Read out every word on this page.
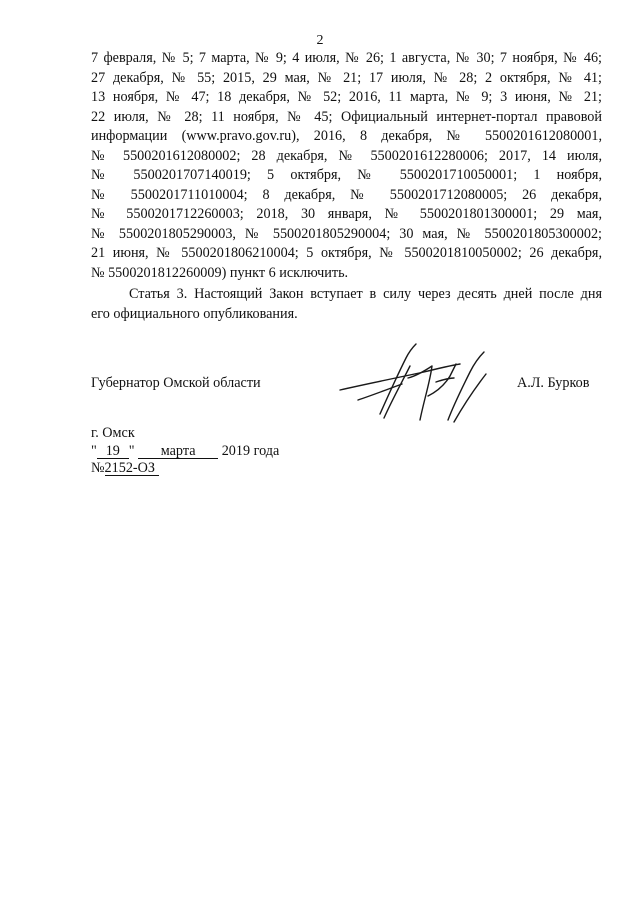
2
7 февраля, № 5; 7 марта, № 9; 4 июля, № 26; 1 августа, № 30; 7 ноября, № 46;
27 декабря, № 55; 2015, 29 мая, № 21; 17 июля, № 28; 2 октября, № 41;
13 ноября, № 47; 18 декабря, № 52; 2016, 11 марта, № 9; 3 июня, № 21;
22 июля, № 28; 11 ноября, № 45; Официальный интернет-портал правовой
информации (www.pravo.gov.ru), 2016, 8 декабря, № 5500201612080001,
№ 5500201612080002; 28 декабря, № 5500201612280006; 2017, 14 июля,
№ 5500201707140019; 5 октября, № 5500201710050001; 1 ноября,
№ 5500201711010004; 8 декабря, № 5500201712080005; 26 декабря,
№ 5500201712260003; 2018, 30 января, № 5500201801300001; 29 мая,
№ 5500201805290003, № 5500201805290004; 30 мая, № 5500201805300002;
21 июня, № 5500201806210004; 5 октября, № 5500201810050002; 26 декабря,
№ 5500201812260009) пункт 6 исключить.
Статья 3. Настоящий Закон вступает в силу через десять дней после дня
его официального опубликования.
Губернатор Омской области	А.Л. Бурков
г. Омск
" 19 " марта 2019 года
№2152-ОЗ
